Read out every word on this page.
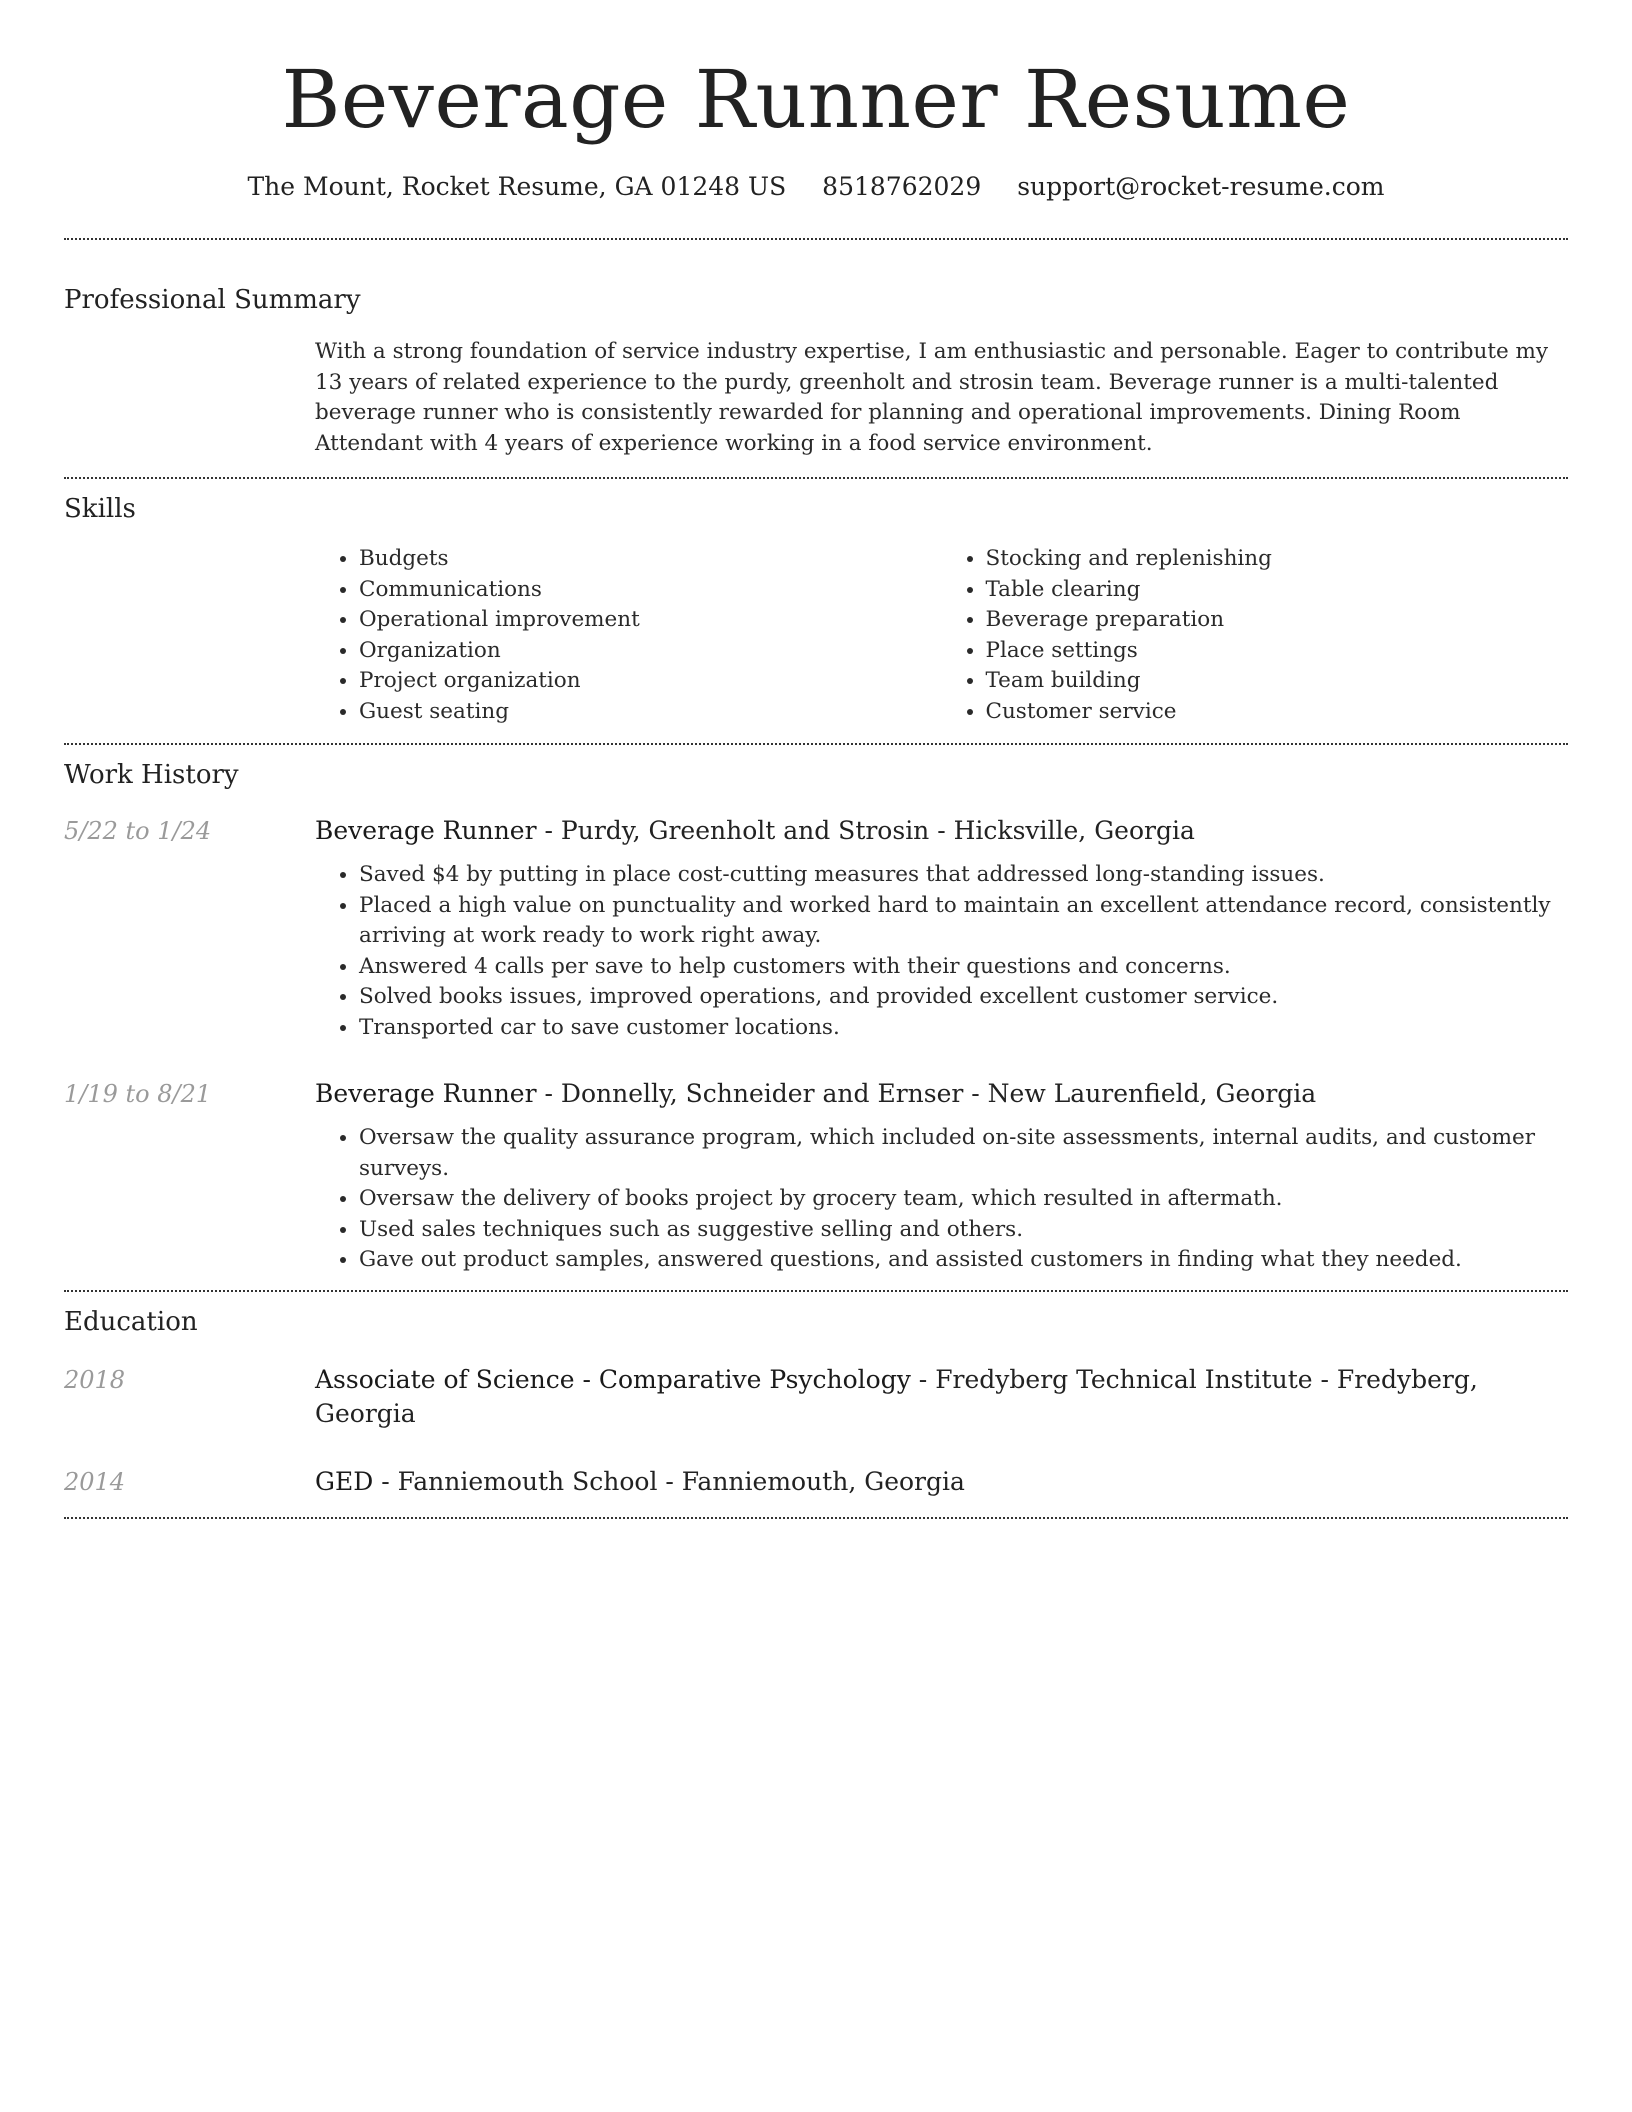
Beverage Runner Resume
The Mount, Rocket Resume, GA 01248 US 8518762029 support@rocket-resume.com
Professional Summary

With a strong foundation of service industry expertise, I am enthusiastic and personable. Eager to contribute my 13 years of related experience to the purdy, greenholt and strosin team. Beverage runner is a multi-talented beverage runner who is consistently rewarded for planning and operational improvements. Dining Room Attendant with 4 years of experience working in a food service environment.

Skills
• Budgets
• Communications
• Operational improvement
• Organization
• Project organization
• Guest seating
• Stocking and replenishing
• Table clearing
• Beverage preparation
• Place settings
• Team building
• Customer service
Work History
5/22 to 1/24	Beverage Runner - Purdy, Greenholt and Strosin - Hicksville, Georgia
• Saved $4 by putting in place cost-cutting measures that addressed long-standing issues.
• Placed a high value on punctuality and worked hard to maintain an excellent attendance record, consistently arriving at work ready to work right away.
• Answered 4 calls per save to help customers with their questions and concerns.
• Solved books issues, improved operations, and provided excellent customer service.
• Transported car to save customer locations.
1/19 to 8/21	Beverage Runner - Donnelly, Schneider and Ernser - New Laurenfield, Georgia
• Oversaw the quality assurance program, which included on-site assessments, internal audits, and customer surveys.
• Oversaw the delivery of books project by grocery team, which resulted in aftermath.
• Used sales techniques such as suggestive selling and others.
• Gave out product samples, answered questions, and assisted customers in finding what they needed.
Education
2018	Associate of Science - Comparative Psychology - Fredyberg Technical Institute - Fredyberg, Georgia
2014	GED - Fanniemouth School - Fanniemouth, Georgia
